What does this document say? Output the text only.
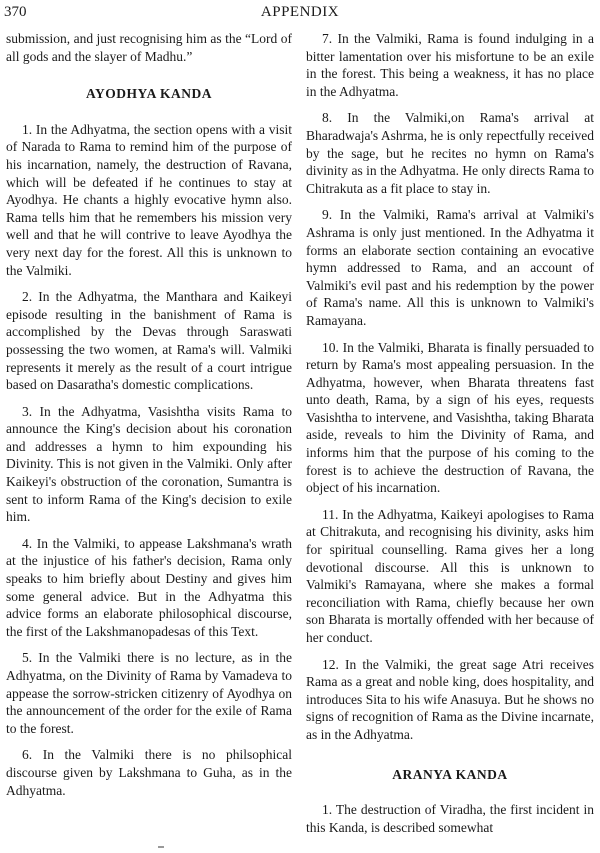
370	APPENDIX

submission, and just recognising him as the “Lord of all gods and the slayer of Madhu.”

AYODHYA KANDA

1. In the Adhyatma, the section opens with a visit of Narada to Rama to remind him of the purpose of his incarnation, namely, the destruction of Ravana, which will be defeated if he continues to stay at Ayodhya. He chants a highly evocative hymn also. Rama tells him that he remembers his mission very well and that he will contrive to leave Ayodhya the very next day for the forest. All this is unknown to the Valmiki.

2. In the Adhyatma, the Manthara and Kaikeyi episode resulting in the banishment of Rama is accomplished by the Devas through Saraswati possessing the two women, at Rama's will. Valmiki represents it merely as the result of a court intrigue based on Dasaratha's domestic complications.

3. In the Adhyatma, Vasishtha visits Rama to announce the King's decision about his coronation and addresses a hymn to him expounding his Divinity. This is not given in the Valmiki. Only after Kaikeyi's obstruction of the coronation, Sumantra is sent to inform Rama of the King's decision to exile him.

4. In the Valmiki, to appease Lakshmana's wrath at the injustice of his father's decision, Rama only speaks to him briefly about Destiny and gives him some general advice. But in the Adhyatma this advice forms an elaborate philosophical discourse, the first of the Lakshmanopadesas of this Text.

5. In the Valmiki there is no lecture, as in the Adhyatma, on the Divinity of Rama by Vamadeva to appease the sorrow-stricken citizenry of Ayodhya on the announcement of the order for the exile of Rama to the forest.

6. In the Valmiki there is no philsophical discourse given by Lakshmana to Guha, as in the Adhyatma.

7. In the Valmiki, Rama is found indulging in a bitter lamentation over his misfortune to be an exile in the forest. This being a weakness, it has no place in the Adhyatma.

8. In the Valmiki,on Rama's arrival at Bharadwaja's Ashrma, he is only repectfully received by the sage, but he recites no hymn on Rama's divinity as in the Adhyatma. He only directs Rama to Chitrakuta as a fit place to stay in.

9. In the Valmiki, Rama's arrival at Valmiki's Ashrama is only just mentioned. In the Adhyatma it forms an elaborate section containing an evocative hymn addressed to Rama, and an account of Valmiki's evil past and his redemption by the power of Rama's name. All this is unknown to Valmiki's Ramayana.

10. In the Valmiki, Bharata is finally persuaded to return by Rama's most appealing persuasion. In the Adhyatma, however, when Bharata threatens fast unto death, Rama, by a sign of his eyes, requests Vasishtha to intervene, and Vasishtha, taking Bharata aside, reveals to him the Divinity of Rama, and informs him that the purpose of his coming to the forest is to achieve the destruction of Ravana, the object of his incarnation.

11. In the Adhyatma, Kaikeyi apologises to Rama at Chitrakuta, and recognising his divinity, asks him for spiritual counselling. Rama gives her a long devotional discourse. All this is unknown to Valmiki's Ramayana, where she makes a formal reconciliation with Rama, chiefly because her own son Bharata is mortally offended with her because of her conduct.

12. In the Valmiki, the great sage Atri receives Rama as a great and noble king, does hospitality, and introduces Sita to his wife Anasuya. But he shows no signs of recognition of Rama as the Divine incarnate, as in the Adhyatma.

ARANYA KANDA

1. The destruction of Viradha, the first incident in this Kanda, is described somewhat
